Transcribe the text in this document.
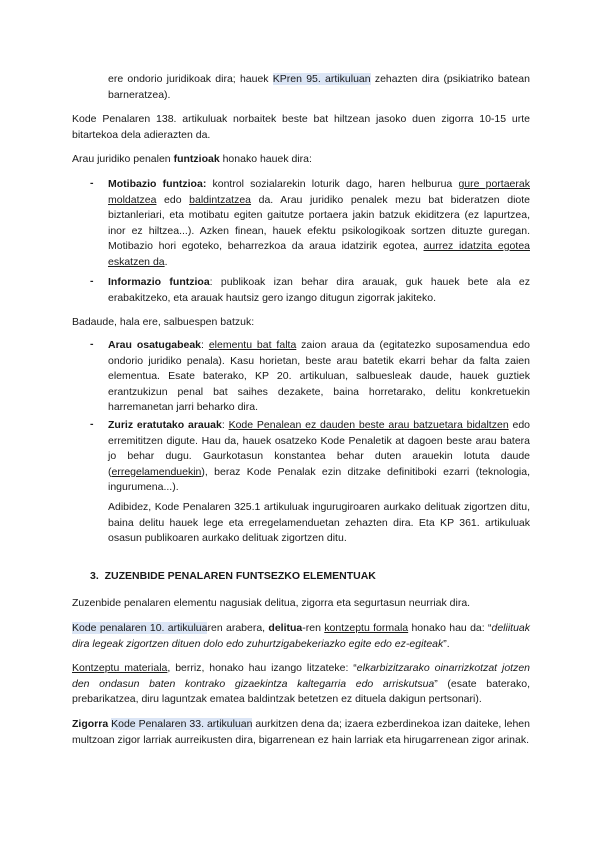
ere ondorio juridikoak dira; hauek KPren 95. artikuluan zehazten dira (psikiatriko batean barneratzea).

Kode Penalaren 138. artikuluak norbaitek beste bat hiltzean jasoko duen zigorra 10-15 urte bitartekoa dela adierazten da.

Arau juridiko penalen funtzioak honako hauek dira:

- Motibazio funtzioa: kontrol sozialarekin loturik dago, haren helburua gure portaerak moldatzea edo baldintzatzea da. Arau juridiko penalek mezu bat bideratzen diote biztanleriari, eta motibatu egiten gaitutze portaera jakin batzuk ekiditzera (ez lapurtzea, inor ez hiltzea...). Azken finean, hauek efektu psikologikoak sortzen dituzte guregan. Motibazio hori egoteko, beharrezkoa da araua idatzirik egotea, aurrez idatzita egotea eskatzen da.

- Informazio funtzioa: publikoak izan behar dira arauak, guk hauek bete ala ez erabakitzeko, eta arauak hautsiz gero izango ditugun zigorrak jakiteko.

Badaude, hala ere, salbuespen batzuk:

- Arau osatugabeak: elementu bat falta zaion araua da (egitatezko suposamendua edo ondorio juridiko penala). Kasu horietan, beste arau batetik ekarri behar da falta zaien elementua. Esate baterako, KP 20. artikuluan, salbuesleak daude, hauek guztiek erantzukizun penal bat saihes dezakete, baina horretarako, delitu konkretuekin harremanetan jarri beharko dira.

- Zuriz eratutako arauak: Kode Penalean ez dauden beste arau batzuetara bidaltzen edo erremititzen digute. Hau da, hauek osatzeko Kode Penaletik at dagoen beste arau batera jo behar dugu. Gaurkotasun konstantea behar duten arauekin lotuta daude (erregelamenduekin), beraz Kode Penalak ezin ditzake definitiboki ezarri (teknologia, ingurumena...).

Adibidez, Kode Penalaren 325.1 artikuluak ingurugiroaren aurkako delituak zigortzen ditu, baina delitu hauek lege eta erregelamenduetan zehazten dira. Eta KP 361. artikuluak osasun publikoaren aurkako delituak zigortzen ditu.

3. ZUZENBIDE PENALAREN FUNTSEZKO ELEMENTUAK

Zuzenbide penalaren elementu nagusiak delitua, zigorra eta segurtasun neurriak dira.

Kode penalaren 10. artikuluaren arabera, delitua-ren kontzeptu formala honako hau da: “deliituak dira legeak zigortzen dituen dolo edo zuhurtzigabekeriazko egite edo ez-egiteak”.

Kontzeptu materiala, berriz, honako hau izango litzateke: “elkarbizitzarako oinarrizkotzat jotzen den ondasun baten kontrako gizaekintza kaltegarria edo arriskutsua” (esate baterako, prebarikatzea, diru laguntzak ematea baldintzak betetzen ez dituela dakigun pertsonari).

Zigorra Kode Penalaren 33. artikuluan aurkitzen dena da; izaera ezberdinekoa izan daiteke, lehen multzoan zigor larriak aurreikusten dira, bigarrenean ez hain larriak eta hirugarrenean zigor arinak.
